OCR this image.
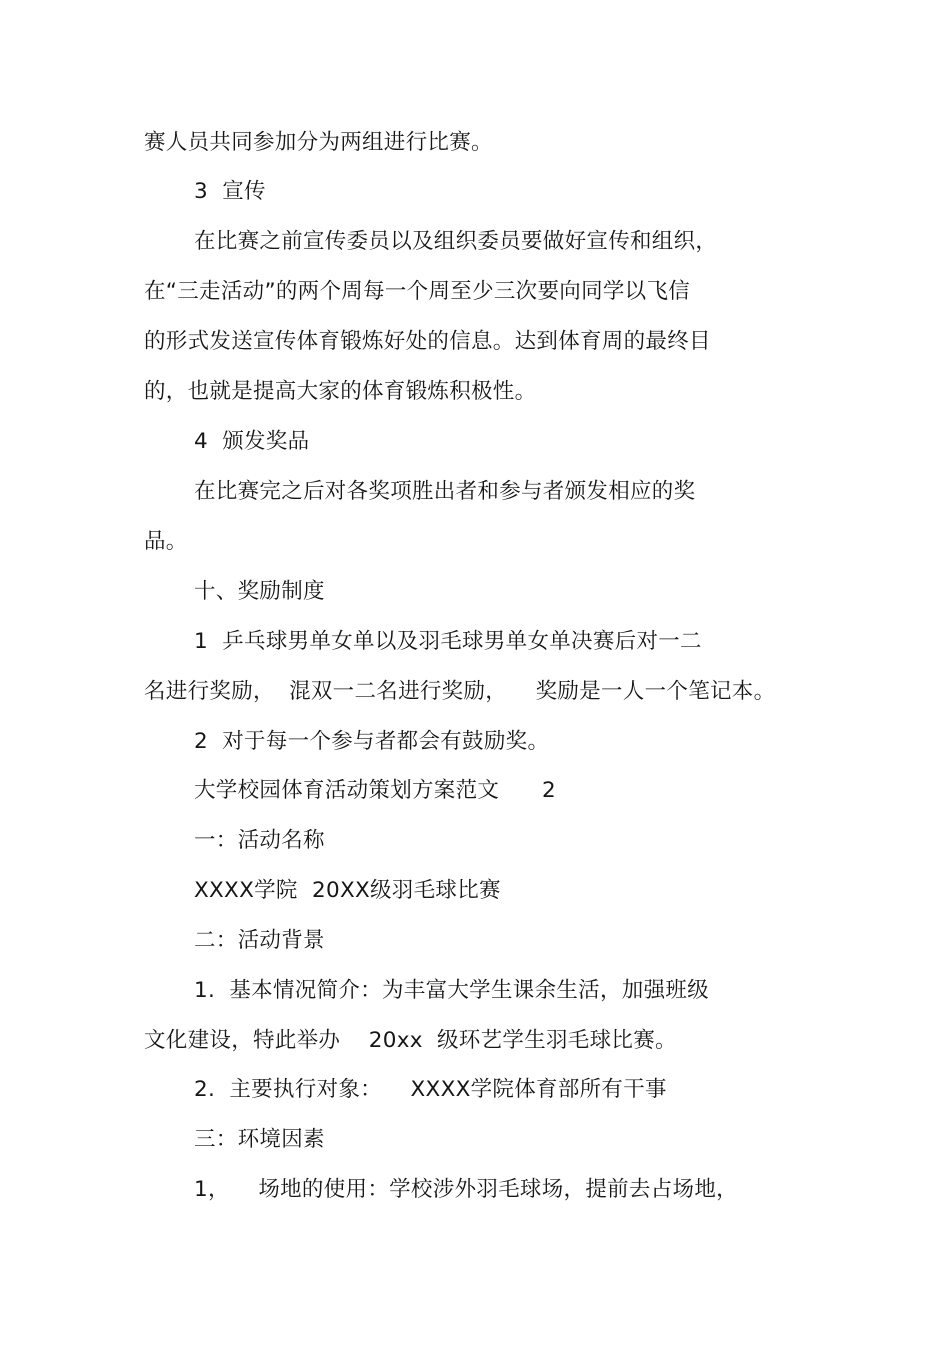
赛人员共同参加分为两组进行比赛。
3  宣传
在比赛之前宣传委员以及组织委员要做好宣传和组织，
在“三走活动”的两个周每一个周至少三次要向同学以飞信
的形式发送宣传体育锻炼好处的信息。达到体育周的最终目
的，也就是提高大家的体育锻炼积极性。
4  颁发奖品
在比赛完之后对各奖项胜出者和参与者颁发相应的奖
品。
十、奖励制度
1  乒乓球男单女单以及羽毛球男单女单决赛后对一二
名进行奖励，  混双一二名进行奖励，    奖励是一人一个笔记本。
2  对于每一个参与者都会有鼓励奖。
大学校园体育活动策划方案范文      2
一：活动名称
XXXX学院  20XX级羽毛球比赛
二：活动背景
1.  基本情况简介：为丰富大学生课余生活，加强班级
文化建设，特此举办    20xx  级环艺学生羽毛球比赛。
2.  主要执行对象：    XXXX学院体育部所有干事
三：环境因素
1，    场地的使用：学校涉外羽毛球场，提前去占场地，
